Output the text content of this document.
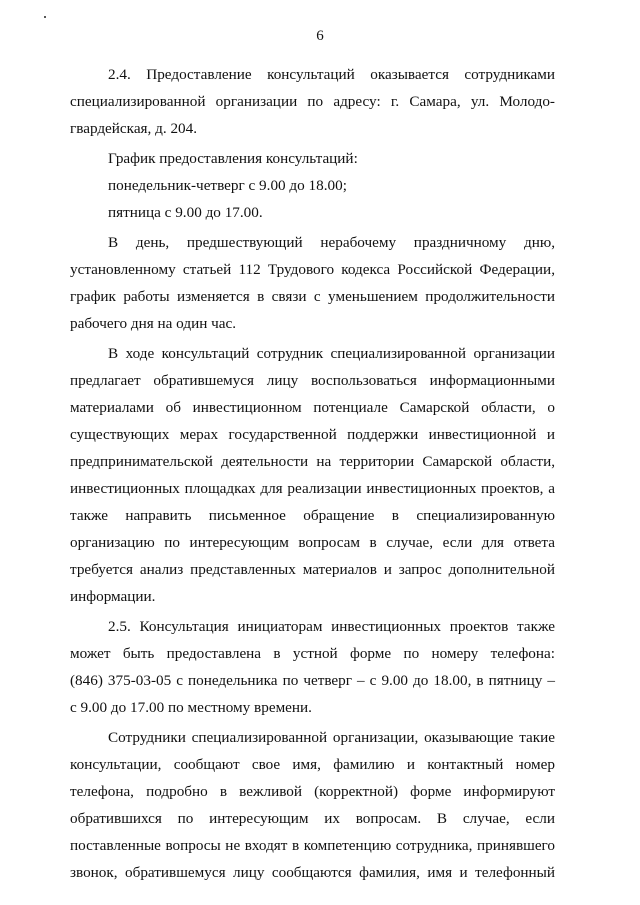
6
2.4. Предоставление консультаций оказывается сотрудниками
специализированной организации по адресу: г. Самара, ул. Молодо-
гвардейская, д. 204.
График предоставления консультаций:
понедельник-четверг с 9.00 до 18.00;
пятница с 9.00 до 17.00.
В день, предшествующий нерабочему праздничному дню,
установленному статьей 112 Трудового кодекса Российской Федерации,
график работы изменяется в связи с уменьшением продолжительности
рабочего дня на один час.
В ходе консультаций сотрудник специализированной организации
предлагает обратившемуся лицу воспользоваться информационными
материалами об инвестиционном потенциале Самарской области, о
существующих мерах государственной поддержки инвестиционной и
предпринимательской деятельности на территории Самарской области,
инвестиционных площадках для реализации инвестиционных проектов, а
также направить письменное обращение в специализированную
организацию по интересующим вопросам в случае, если для ответа
требуется анализ представленных материалов и запрос дополнительной
информации.
2.5. Консультация инициаторам инвестиционных проектов также
может быть предоставлена в устной форме по номеру телефона:
(846) 375-03-05 с понедельника по четверг – с 9.00 до 18.00, в пятницу –
с 9.00 до 17.00 по местному времени.
Сотрудники специализированной организации, оказывающие такие
консультации, сообщают свое имя, фамилию и контактный номер
телефона, подробно в вежливой (корректной) форме информируют
обратившихся по интересующим их вопросам. В случае, если
поставленные вопросы не входят в компетенцию сотрудника, принявшего
звонок, обратившемуся лицу сообщаются фамилия, имя и телефонный
